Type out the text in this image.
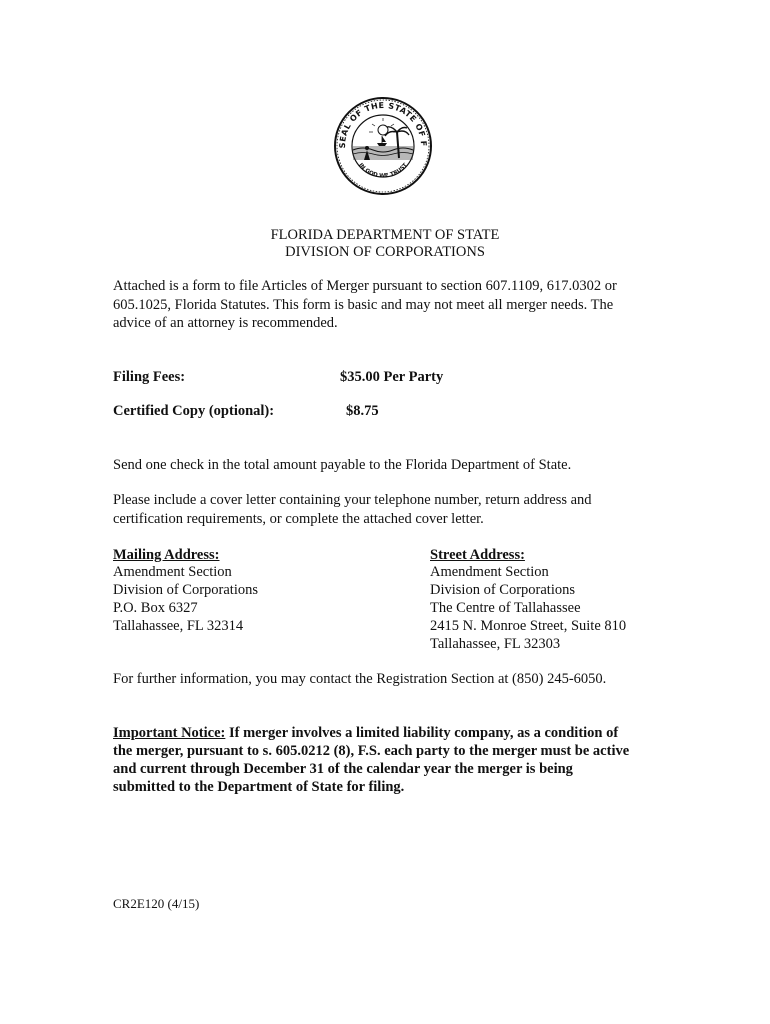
SEAL OF THE STATE OF F
IN GOD WE TRUST
FLORIDA DEPARTMENT OF STATE
DIVISION OF CORPORATIONS
Attached is a form to file Articles of Merger pursuant to section 607.1109, 617.0302 or
605.1025, Florida Statutes. This form is basic and may not meet all merger needs. The
advice of an attorney is recommended.
Filing Fees:	$35.00 Per Party
Certified Copy (optional):	$8.75
Send one check in the total amount payable to the Florida Department of State.
Please include a cover letter containing your telephone number, return address and
certification requirements, or complete the attached cover letter.
Mailing Address:
Amendment Section
Division of Corporations
P.O. Box 6327
Tallahassee, FL 32314
Street Address:
Amendment Section
Division of Corporations
The Centre of Tallahassee
2415 N. Monroe Street, Suite 810
Tallahassee, FL 32303
For further information, you may contact the Registration Section at (850) 245-6050.
Important Notice: If merger involves a limited liability company, as a condition of
the merger, pursuant to s. 605.0212 (8), F.S. each party to the merger must be active
and current through December 31 of the calendar year the merger is being
submitted to the Department of State for filing.
CR2E120 (4/15)
